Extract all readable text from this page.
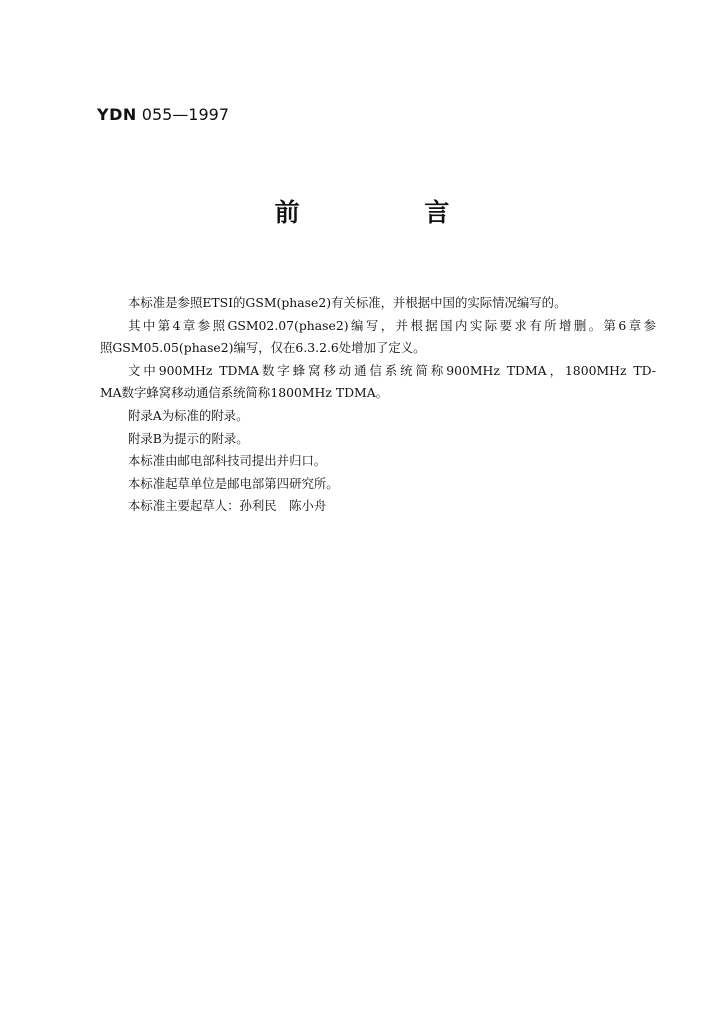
YDN 055—1997
前 言
本标准是参照ETSI的GSM(phase2)有关标准，并根据中国的实际情况编写的。
其中第4章参照GSM02.07(phase2)编写，并根据国内实际要求有所增删。第6章参
照GSM05.05(phase2)编写，仅在6.3.2.6处增加了定义。
文中900MHz TDMA数字蜂窝移动通信系统简称900MHz TDMA，1800MHz TD-
MA数字蜂窝移动通信系统简称1800MHz TDMA。
附录A为标准的附录。
附录B为提示的附录。
本标准由邮电部科技司提出并归口。
本标准起草单位是邮电部第四研究所。
本标准主要起草人：孙利民　陈小舟
